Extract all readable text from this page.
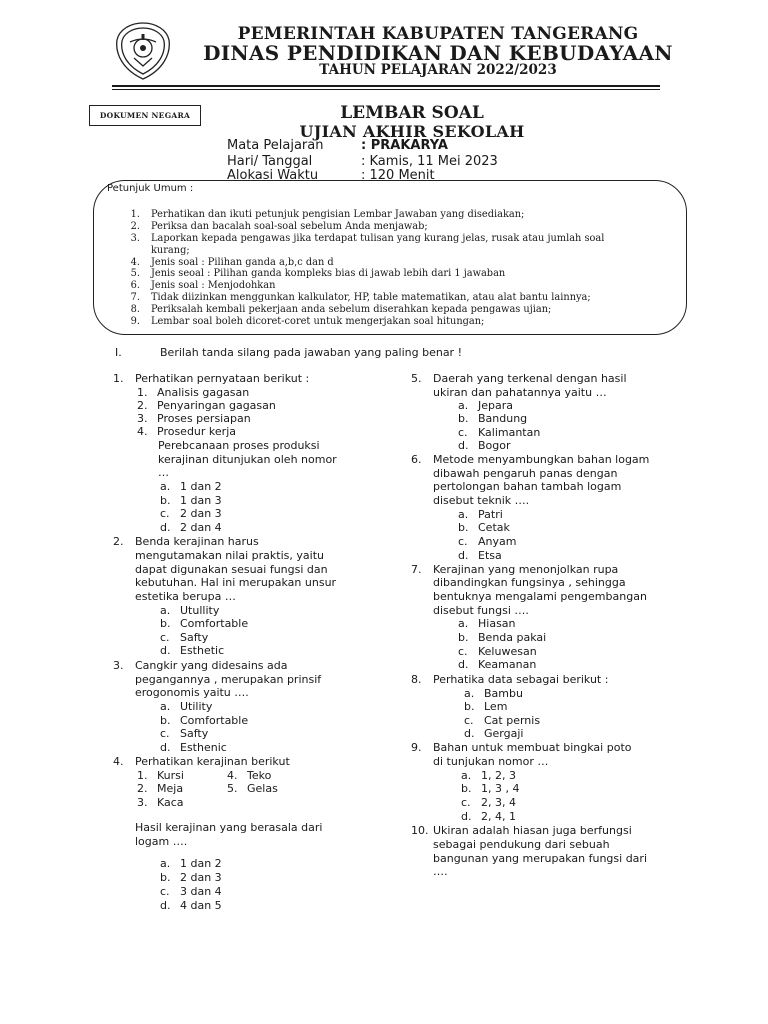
PEMERINTAH KABUPATEN TANGERANG
DINAS PENDIDIKAN DAN KEBUDAYAAN
TAHUN PELAJARAN 2022/2023
DOKUMEN NEGARA	LEMBAR SOAL
UJIAN AKHIR SEKOLAH
Mata Pelajaran	: PRAKARYA
Hari/ Tanggal	: Kamis, 11 Mei 2023
Alokasi Waktu	: 120 Menit
Petunjuk Umum :
1. Perhatikan dan ikuti petunjuk pengisian Lembar Jawaban yang disediakan;
2. Periksa dan bacalah soal-soal sebelum Anda menjawab;
3. Laporkan kepada pengawas jika terdapat tulisan yang kurang jelas, rusak atau jumlah soal
kurang;
4. Jenis soal : Pilihan ganda a,b,c dan d
5. Jenis seoal : Pilihan ganda kompleks bias di jawab lebih dari 1 jawaban
6. Jenis soal : Menjodohkan
7. Tidak diizinkan menggunkan kalkulator, HP, table matematikan, atau alat bantu lainnya;
8. Periksalah kembali pekerjaan anda sebelum diserahkan kepada pengawas ujian;
9. Lembar soal boleh dicoret-coret untuk mengerjakan soal hitungan;
I.	Berilah tanda silang pada jawaban yang paling benar !
1. Perhatikan pernyataan berikut :
1. Analisis gagasan
2. Penyaringan gagasan
3. Proses persiapan
4. Prosedur kerja
Perebcanaan proses produksi
kerajinan ditunjukan oleh nomor
…
a. 1 dan 2
b. 1 dan 3
c. 2 dan 3
d. 2 dan 4
2. Benda kerajinan harus
mengutamakan nilai praktis, yaitu
dapat digunakan sesuai fungsi dan
kebutuhan. Hal ini merupakan unsur
estetika berupa …
a. Utullity
b. Comfortable
c. Safty
d. Esthetic
3. Cangkir yang didesains ada
pegangannya , merupakan prinsif
erogonomis yaitu ….
a. Utility
b. Comfortable
c. Safty
d. Esthenic
4. Perhatikan kerajinan berikut
1. Kursi	4. Teko
2. Meja	5. Gelas
3. Kaca
Hasil kerajinan yang berasala dari
logam ….
a. 1 dan 2
b. 2 dan 3
c. 3 dan 4
d. 4 dan 5
5. Daerah yang terkenal dengan hasil
ukiran dan pahatannya yaitu …
a. Jepara
b. Bandung
c. Kalimantan
d. Bogor
6. Metode menyambungkan bahan logam
dibawah pengaruh panas dengan
pertolongan bahan tambah logam
disebut teknik ….
a. Patri
b. Cetak
c. Anyam
d. Etsa
7. Kerajinan yang menonjolkan rupa
dibandingkan fungsinya , sehingga
bentuknya mengalami pengembangan
disebut fungsi ….
a. Hiasan
b. Benda pakai
c. Keluwesan
d. Keamanan
8. Perhatika data sebagai berikut :
a. Bambu
b. Lem
c. Cat pernis
d. Gergaji
9. Bahan untuk membuat bingkai poto
di tunjukan nomor …
a. 1, 2, 3
b. 1, 3 , 4
c. 2, 3, 4
d. 2, 4, 1
10. Ukiran adalah hiasan juga berfungsi
sebagai pendukung dari sebuah
bangunan yang merupakan fungsi dari
….
